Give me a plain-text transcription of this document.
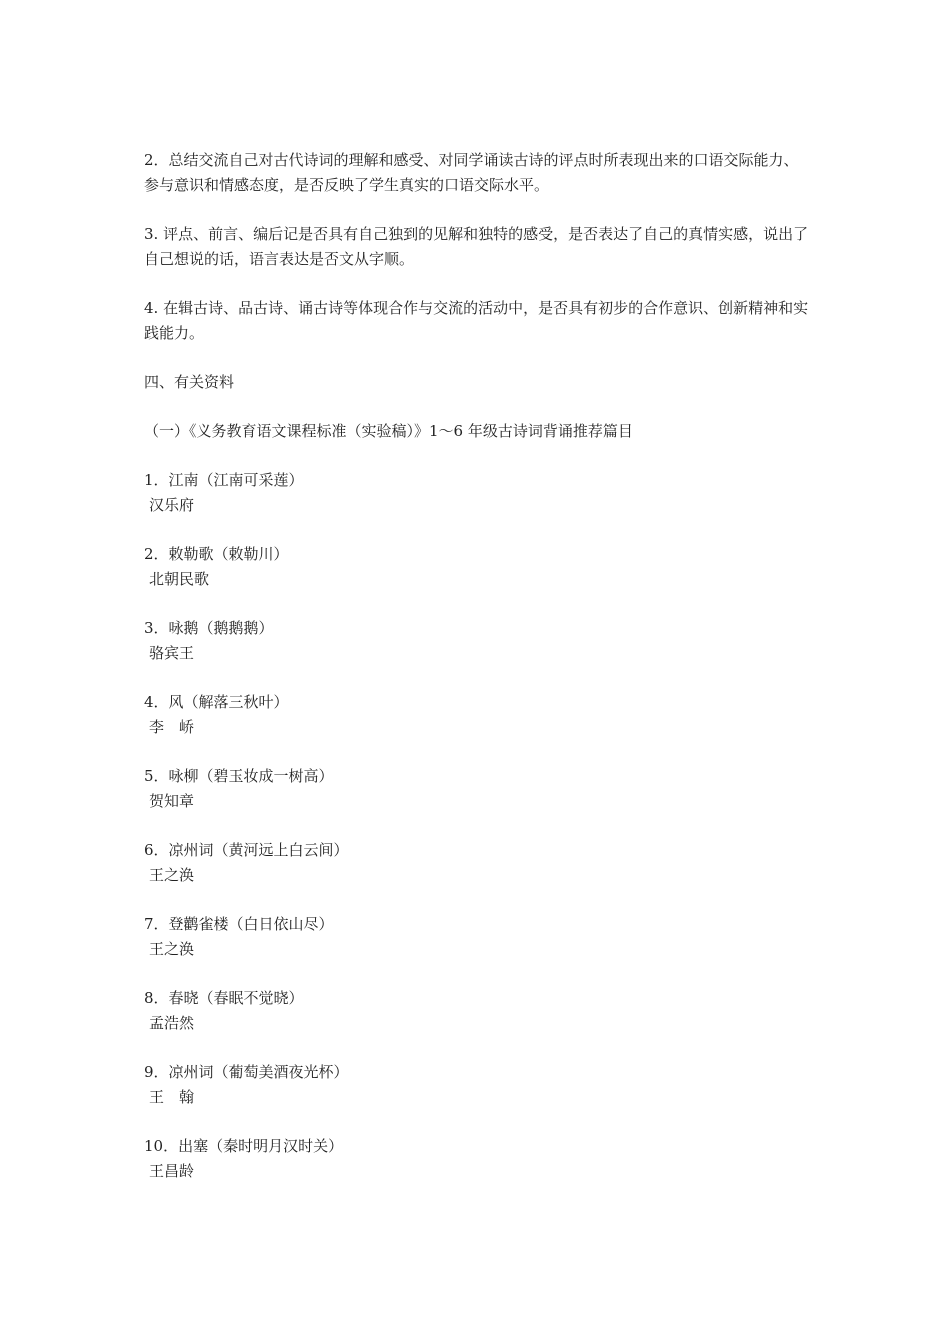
2．总结交流自己对古代诗词的理解和感受、对同学诵读古诗的评点时所表现出来的口语交际能力、参与意识和情感态度，是否反映了学生真实的口语交际水平。

3. 评点、前言、编后记是否具有自己独到的见解和独特的感受，是否表达了自己的真情实感，说出了自己想说的话，语言表达是否文从字顺。

4. 在辑古诗、品古诗、诵古诗等体现合作与交流的活动中，是否具有初步的合作意识、创新精神和实践能力。

四、有关资料

（一）《义务教育语文课程标准（实验稿）》1～6 年级古诗词背诵推荐篇目

1．江南（江南可采莲）
汉乐府
2．敕勒歌（敕勒川）
北朝民歌
3．咏鹅（鹅鹅鹅）
骆宾王
4．风（解落三秋叶）
李　峤
5．咏柳（碧玉妆成一树高）
贺知章
6．凉州词（黄河远上白云间）
王之涣
7．登鹳雀楼（白日依山尽）
王之涣
8．春晓（春眠不觉晓）
孟浩然
9．凉州词（葡萄美酒夜光杯）
王　翰
10．出塞（秦时明月汉时关）
王昌龄
